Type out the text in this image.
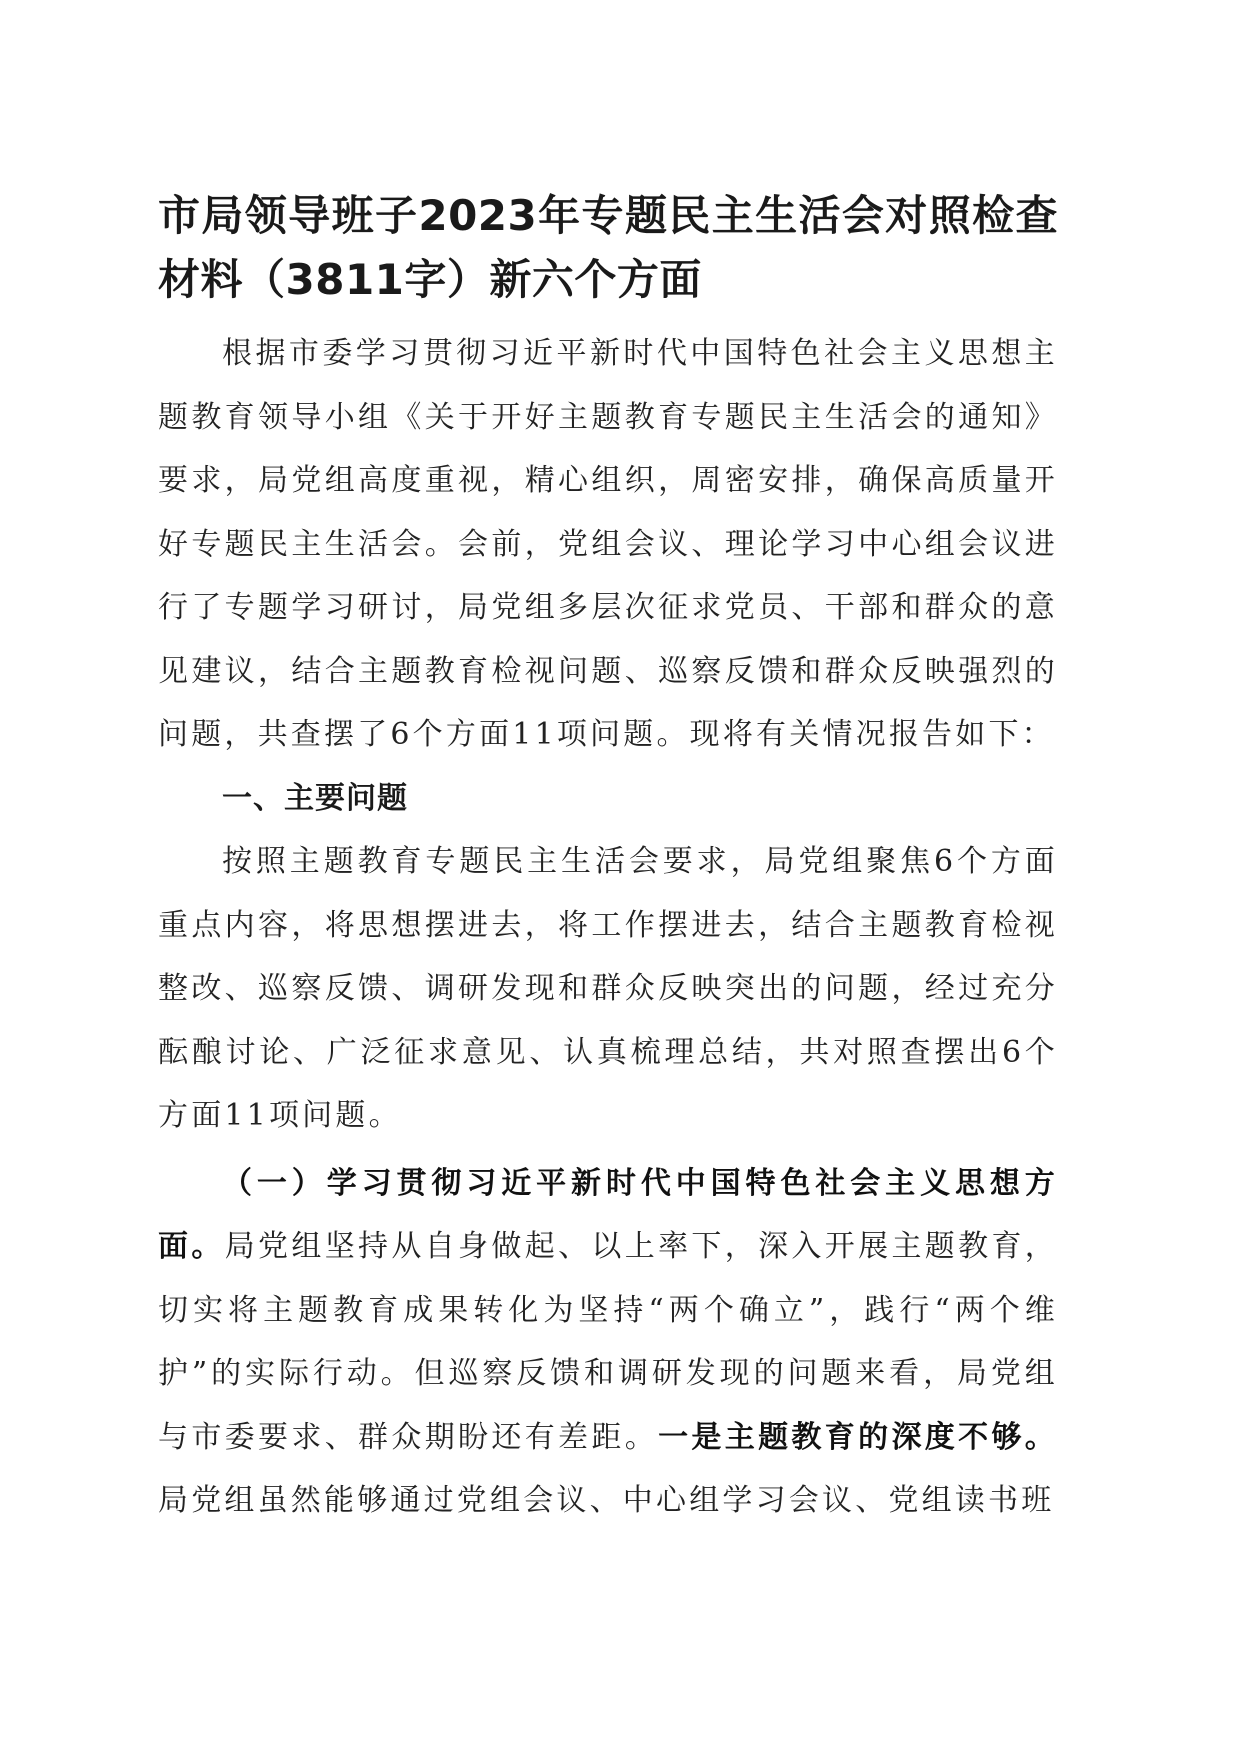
市局领导班子2023年专题民主生活会对照检查材料（3811字）新六个方面

根据市委学习贯彻习近平新时代中国特色社会主义思想主题教育领导小组《关于开好主题教育专题民主生活会的通知》要求，局党组高度重视，精心组织，周密安排，确保高质量开好专题民主生活会。会前，党组会议、理论学习中心组会议进行了专题学习研讨，局党组多层次征求党员、干部和群众的意见建议，结合主题教育检视问题、巡察反馈和群众反映强烈的问题，共查摆了6个方面11项问题。现将有关情况报告如下：

一、主要问题

按照主题教育专题民主生活会要求，局党组聚焦6个方面重点内容，将思想摆进去，将工作摆进去，结合主题教育检视整改、巡察反馈、调研发现和群众反映突出的问题，经过充分酝酿讨论、广泛征求意见、认真梳理总结，共对照查摆出6个方面11项问题。

（一）学习贯彻习近平新时代中国特色社会主义思想方面。局党组坚持从自身做起、以上率下，深入开展主题教育，切实将主题教育成果转化为坚持“两个确立”，践行“两个维护”的实际行动。但巡察反馈和调研发现的问题来看，局党组与市委要求、群众期盼还有差距。一是主题教育的深度不够。局党组虽然能够通过党组会议、中心组学习会议、党组读书班
